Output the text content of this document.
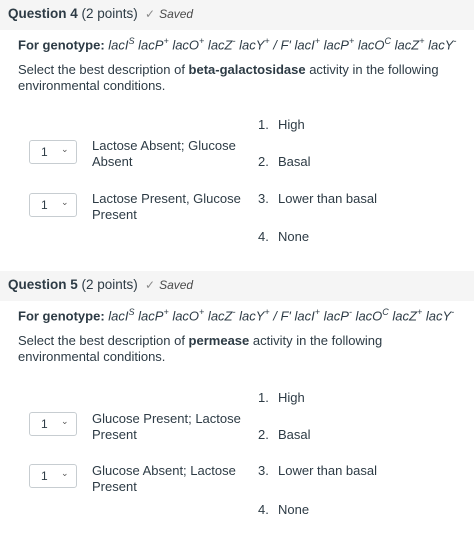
Question 4 (2 points) ✓ Saved
For genotype: lacI$^S$ lacP+ lacO+ lacZ- lacY+ / F' lacI+ lacP+ lacO$^C$ lacZ+ lacY-
Select the best description of beta-galactosidase activity in the following environmental conditions.
1 ⌄ Lactose Absent; Glucose Absent
1 ⌄ Lactose Present, Glucose Present
1. High
2. Basal
3. Lower than basal
4. None
Question 5 (2 points) ✓ Saved
For genotype: lacI$^S$ lacP+ lacO+ lacZ- lacY+ / F' lacI+ lacP- lacO$^C$ lacZ+ lacY-
Select the best description of permease activity in the following environmental conditions.
1 ⌄ Glucose Present; Lactose Present
1 ⌄ Glucose Absent; Lactose Present
1. High
2. Basal
3. Lower than basal
4. None
